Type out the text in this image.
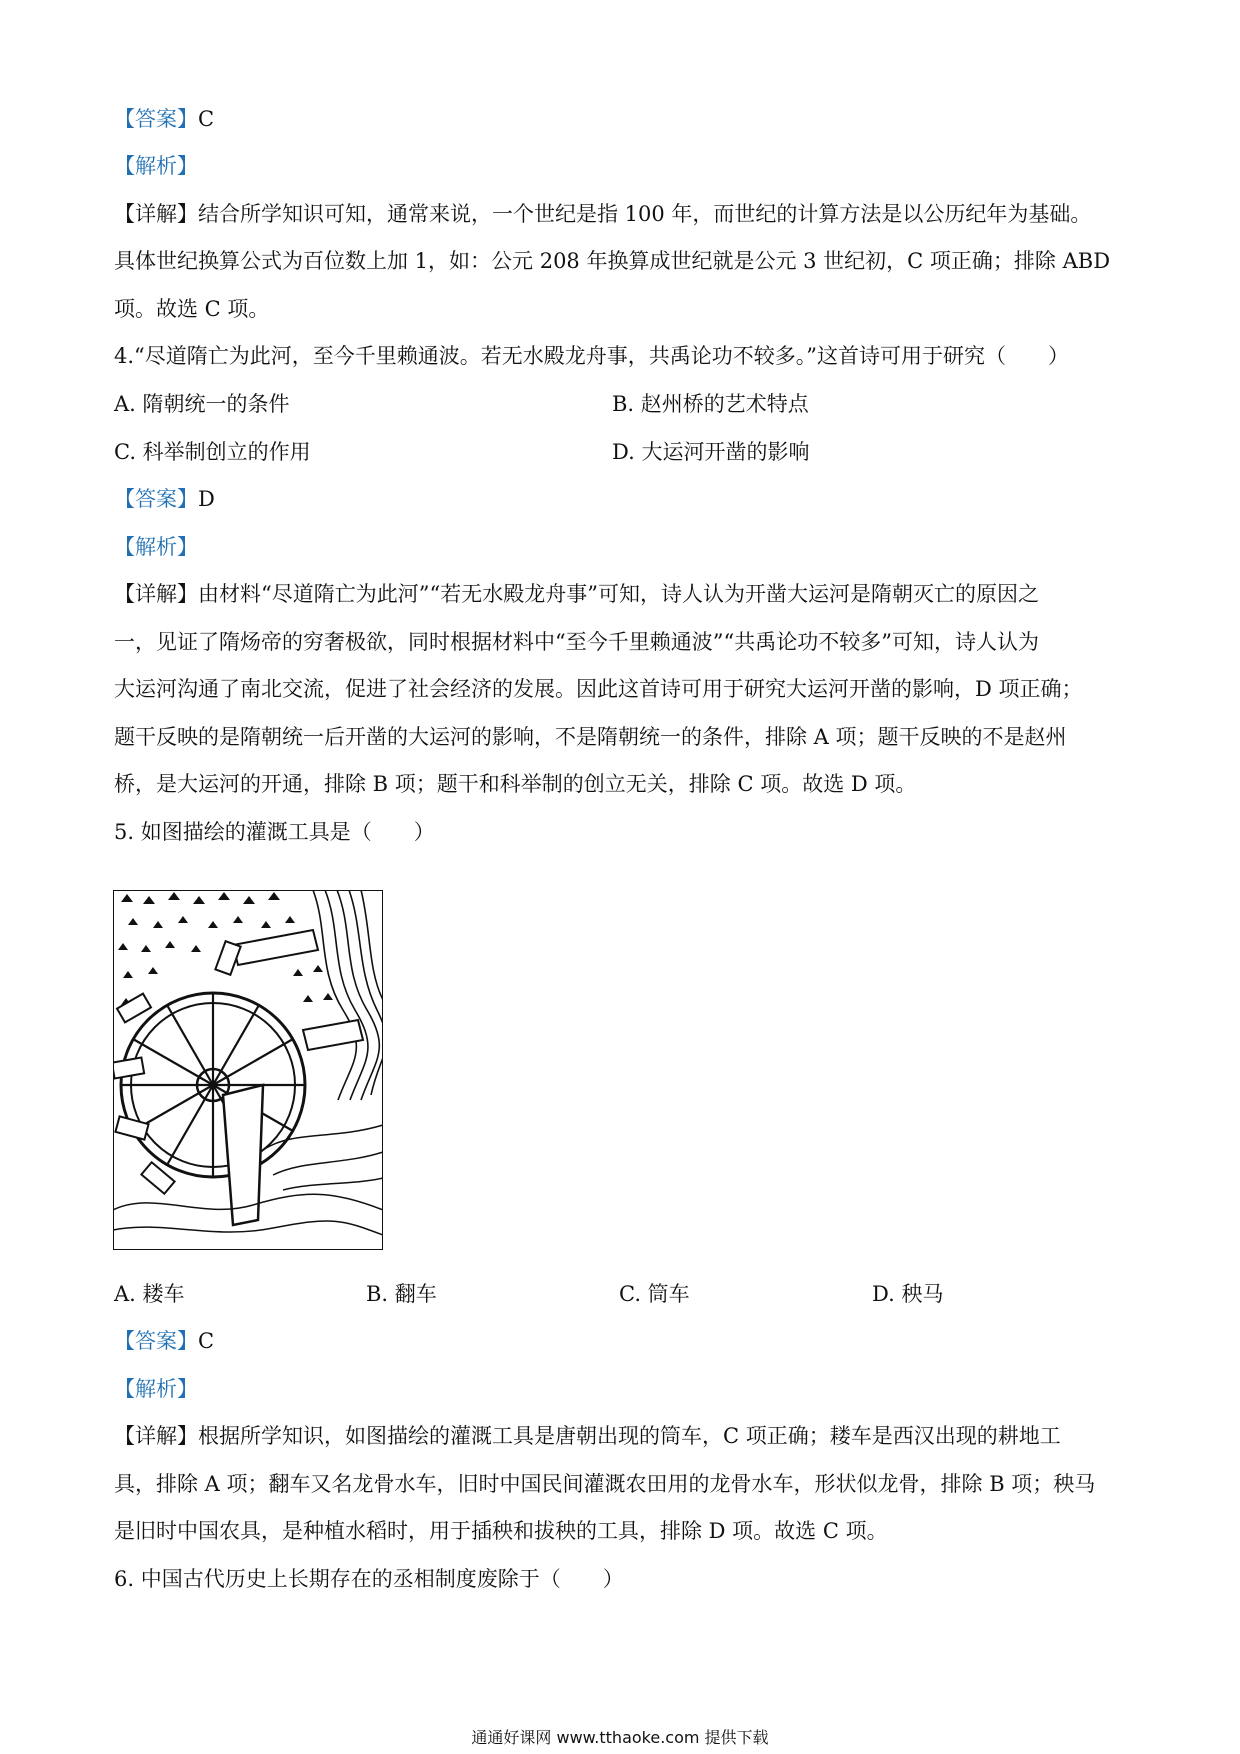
【答案】C
【解析】
【详解】结合所学知识可知，通常来说，一个世纪是指 100 年，而世纪的计算方法是以公历纪年为基础。
具体世纪换算公式为百位数上加 1，如：公元 208 年换算成世纪就是公元 3 世纪初，C 项正确；排除 ABD
项。故选 C 项。
4.“尽道隋亡为此河，至今千里赖通波。若无水殿龙舟事，共禹论功不较多。”这首诗可用于研究（　　）
A. 隋朝统一的条件	B. 赵州桥的艺术特点
C. 科举制创立的作用	D. 大运河开凿的影响
【答案】D
【解析】
【详解】由材料“尽道隋亡为此河”“若无水殿龙舟事”可知，诗人认为开凿大运河是隋朝灭亡的原因之
一，见证了隋炀帝的穷奢极欲，同时根据材料中“至今千里赖通波”“共禹论功不较多”可知，诗人认为
大运河沟通了南北交流，促进了社会经济的发展。因此这首诗可用于研究大运河开凿的影响，D 项正确；
题干反映的是隋朝统一后开凿的大运河的影响，不是隋朝统一的条件，排除 A 项；题干反映的不是赵州
桥，是大运河的开通，排除 B 项；题干和科举制的创立无关，排除 C 项。故选 D 项。
5. 如图描绘的灌溉工具是（　　）
A. 耧车	B. 翻车	C. 筒车	D. 秧马
【答案】C
【解析】
【详解】根据所学知识，如图描绘的灌溉工具是唐朝出现的筒车，C 项正确；耧车是西汉出现的耕地工
具，排除 A 项；翻车又名龙骨水车，旧时中国民间灌溉农田用的龙骨水车，形状似龙骨，排除 B 项；秧马
是旧时中国农具，是种植水稻时，用于插秧和拔秧的工具，排除 D 项。故选 C 项。
6. 中国古代历史上长期存在的丞相制度废除于（　　）
通通好课网 www.tthaoke.com 提供下载
